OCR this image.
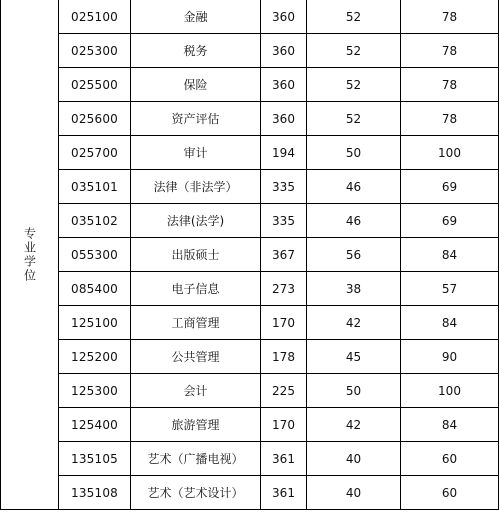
专业学位	025100	金融	360	52	78
	025300	税务	360	52	78
	025500	保险	360	52	78
	025600	资产评估	360	52	78
	025700	审计	194	50	100
	035101	法律（非法学）	335	46	69
	035102	法律(法学)	335	46	69
	055300	出版硕士	367	56	84
	085400	电子信息	273	38	57
	125100	工商管理	170	42	84
	125200	公共管理	178	45	90
	125300	会计	225	50	100
	125400	旅游管理	170	42	84
	135105	艺术（广播电视）	361	40	60
	135108	艺术（艺术设计）	361	40	60
